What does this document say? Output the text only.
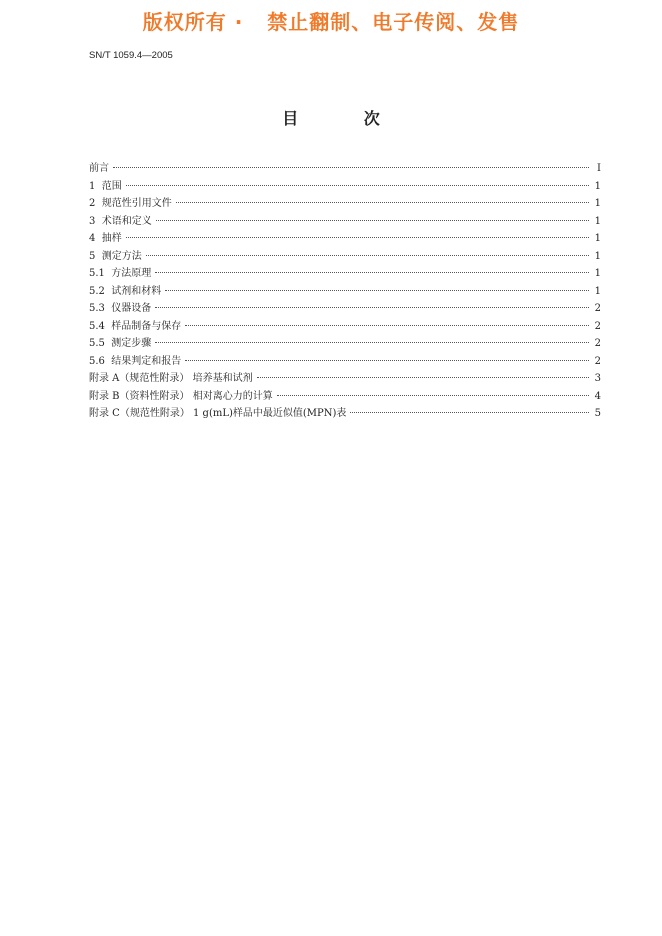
版权所有 ·   禁止翻制、电子传阅、发售
SN/T 1059.4—2005
目 次
前言	I
1  范围	1
2  规范性引用文件	1
3  术语和定义	1
4  抽样	1
5  测定方法	1
5.1  方法原理	1
5.2  试剂和材料	1
5.3  仪器设备	2
5.4  样品制备与保存	2
5.5  测定步骤	2
5.6  结果判定和报告	2
附录 A（规范性附录） 培养基和试剂	3
附录 B（资料性附录） 相对离心力的计算	4
附录 C（规范性附录） 1 g(mL)样品中最近似值(MPN)表	5
